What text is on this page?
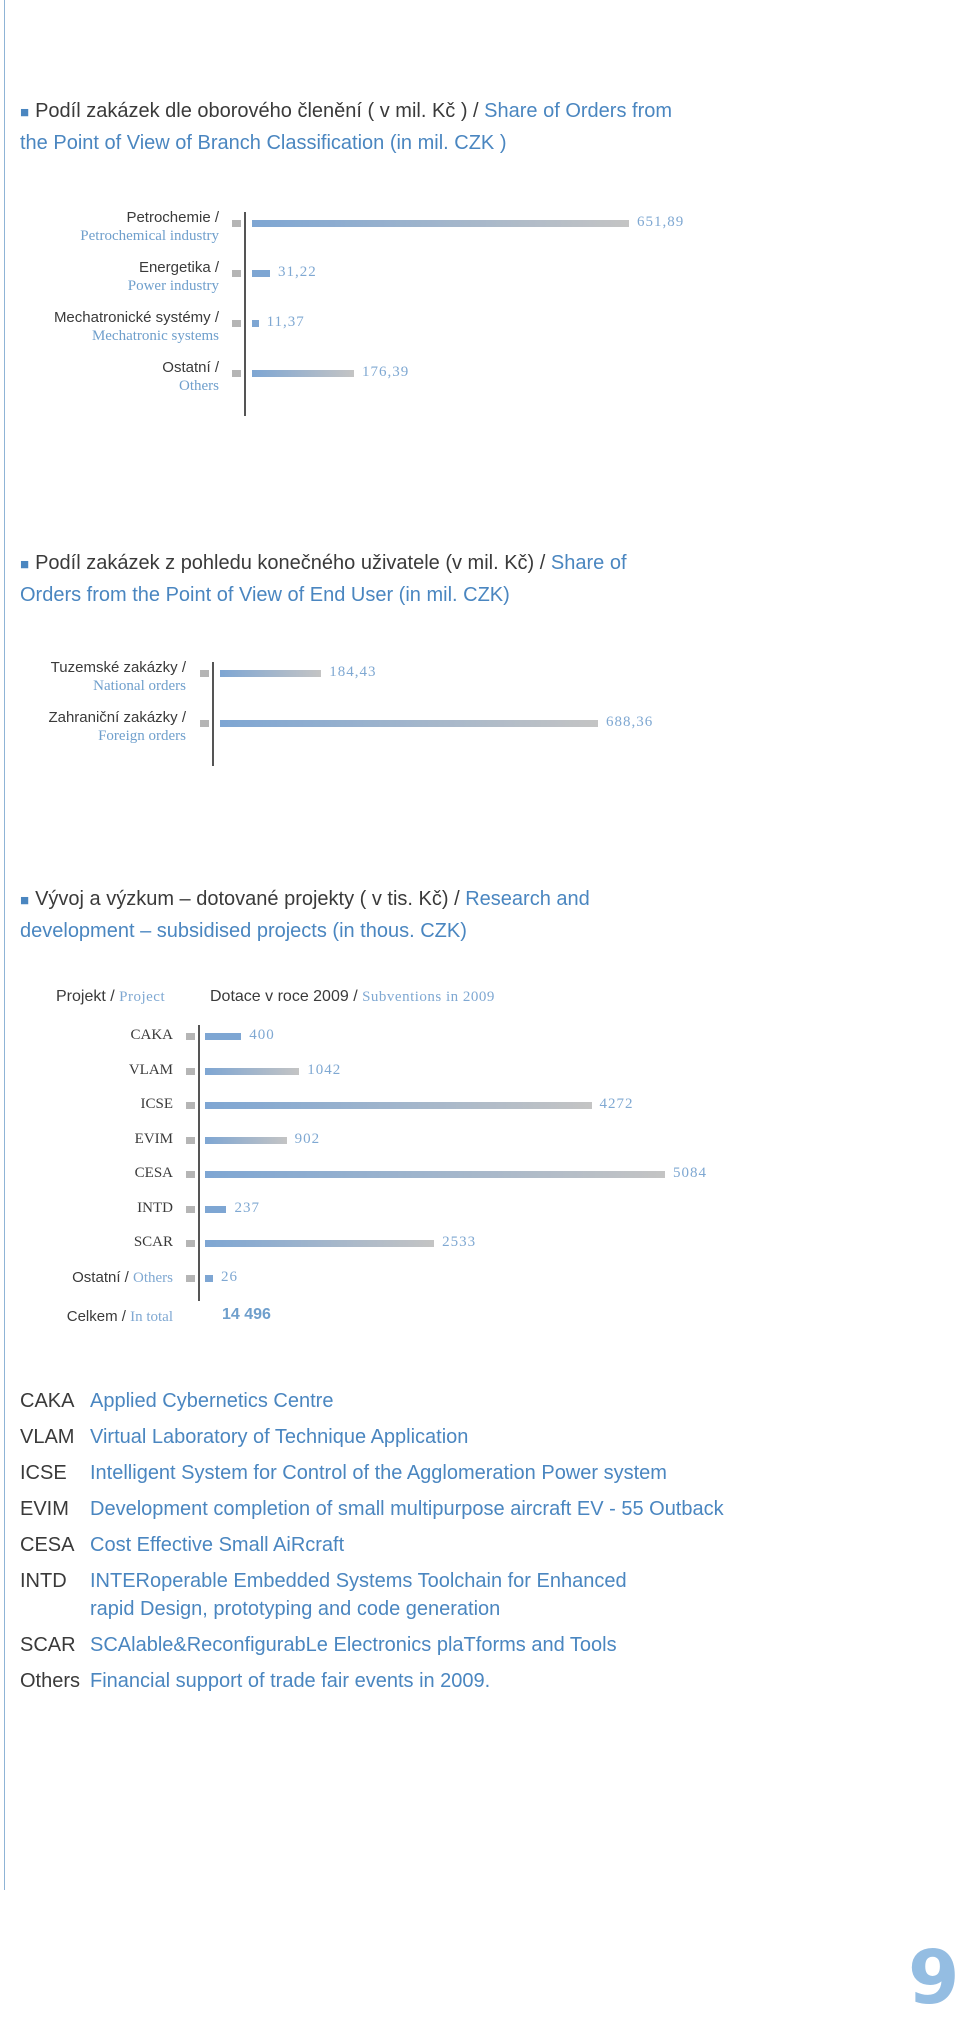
■ Podíl zakázek dle oborového členění ( v mil. Kč ) / Share of Orders from the Point of View of Branch Classification (in mil. CZK )
Petrochemie /
Petrochemical industry
651,89
Energetika /
Power industry
31,22
Mechatronické systémy /
Mechatronic systems
11,37
Ostatní /
Others
176,39
■ Podíl zakázek z pohledu konečného uživatele (v mil. Kč) / Share of Orders from the Point of View of End User (in mil. CZK)
Tuzemské zakázky /
National orders
184,43
Zahraniční zakázky /
Foreign orders
688,36
■ Vývoj a výzkum – dotované projekty ( v tis. Kč) / Research and development – subsidised projects (in thous. CZK)
Projekt / Project	Dotace v roce 2009 / Subventions in 2009
CAKA	400
VLAM	1042
ICSE	4272
EVIM	902
CESA	5084
INTD	237
SCAR	2533
Ostatní / Others	26
Celkem / In total	14 496
CAKA Applied Cybernetics Centre
VLAM Virtual Laboratory of Technique Application
ICSE	Intelligent System for Control of the Agglomeration Power system
EVIM	Development completion of small multipurpose aircraft EV - 55 Outback
CESA Cost Effective Small AiRcraft
INTD	INTERoperable Embedded Systems Toolchain for Enhanced
rapid Design, prototyping and code generation
SCAR SCAlable&ReconfigurabLe Electronics plaTforms and Tools
Others Financial support of trade fair events in 2009.
9
